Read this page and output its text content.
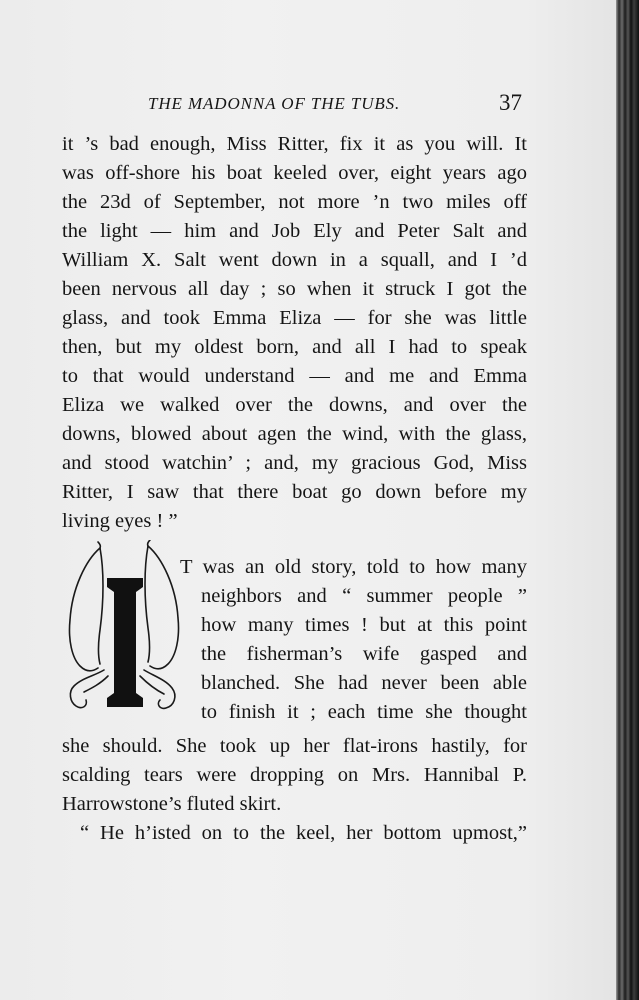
THE MADONNA OF THE TUBS.	37
it ’s bad enough, Miss Ritter, fix it as you will. It
was off-shore his boat keeled over, eight years ago
the 23d of September, not more ’n two miles off
the light — him and Job Ely and Peter Salt and
William X. Salt went down in a squall, and I ’d
been nervous all day ; so when it struck I got the
glass, and took Emma Eliza — for she was little
then, but my oldest born, and all I had to speak
to that would understand — and me and Emma
Eliza we walked over the downs, and over the
downs, blowed about agen the wind, with the glass,
and stood watchin’ ; and, my gracious God, Miss
Ritter, I saw that there boat go down before my
living eyes ! ”
T was an old story, told to how many
neighbors and “ summer people ”
how many times ! but at this point
the fisherman’s wife gasped and
blanched. She had never been able
to finish it ; each time she thought
she should. She took up her flat-irons hastily, for
scalding tears were dropping on Mrs. Hannibal P.
Harrowstone’s fluted skirt.
“ He h’isted on to the keel, her bottom upmost,”
